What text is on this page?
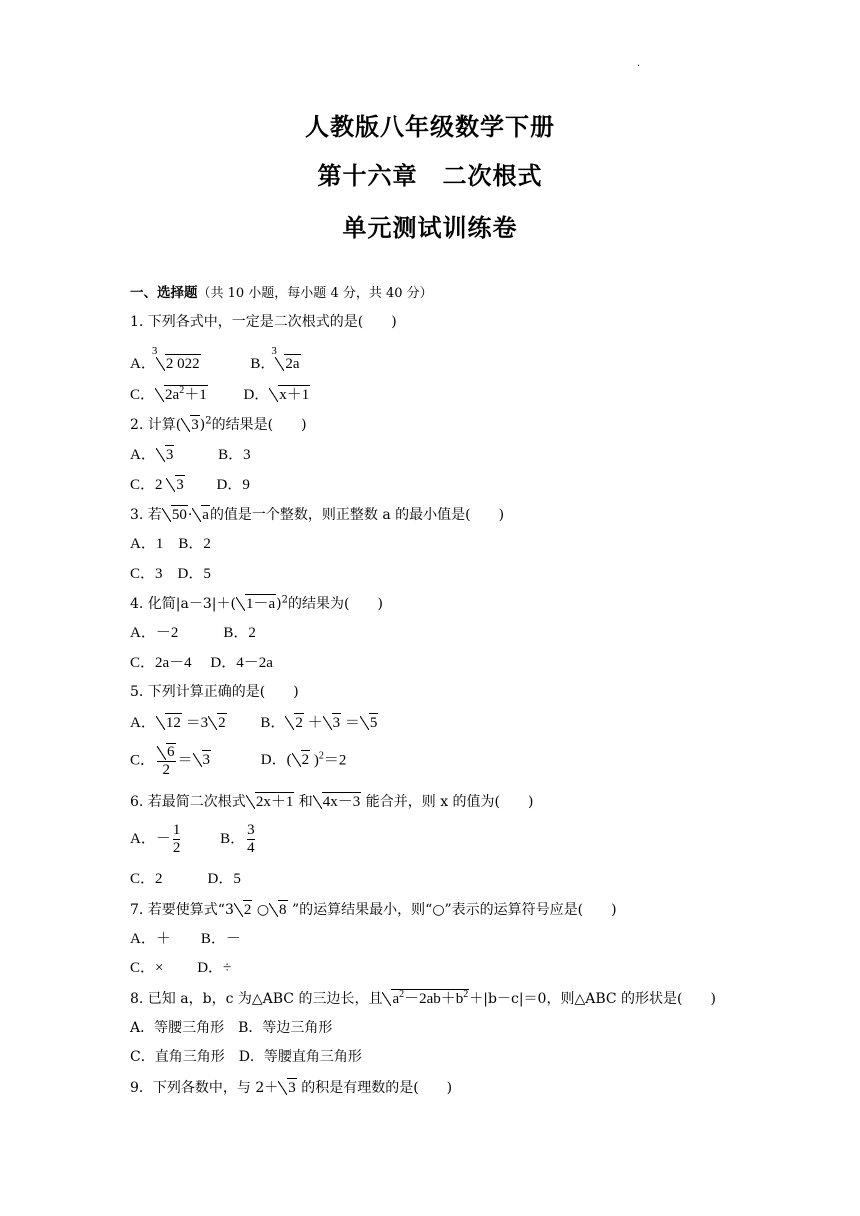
.
人教版八年级数学下册
第十六章　二次根式
单元测试训练卷
一、选择题（共 10 小题，每小题 4 分，共 40 分）
1. 下列各式中，一定是二次根式的是(　　)
A．
3
2 022	B．
3
2a
C． $2a^2+1$ D． x＋1
2. 计算( 3)$^2$的结果是(　　)
A． 3	B．3
C．2 3 D．9
3. 若 50· a的值是一个整数，则正整数 a 的最小值是(　　)
A．1　B．2
C．3　D．5
4. 化简|a－3|＋( 1－a)$^2$的结果为(　　)
A．－2　　　B．2
C．2a－4　 D．4－2a
5. 下列计算正确的是(　　)
A． 12 ＝3 2 B． 2 ＋ 3 ＝ 5
C． $\frac{6}{2} = 3$	D．( 2 )$^2$＝2
6. 若最简二次根式 2x＋1 和 4x－3 能合并，则 x 的值为(　　)
A．－ $\frac{1}{2}$	B． $\frac{3}{4}$
C．2　　　D．5
7. 若要使算式“3 2 ○ 8 ”的运算结果最小，则“○”表示的运算符号应是(　　)
A．＋　　B．－
C．×　　 D．÷
8. 已知 a，b，c 为△ABC 的三边长，且 $a^2-2ab+b^2+|b-c|=0$，则△ABC 的形状是(　　)
A．等腰三角形　B．等边三角形
C．直角三角形　D．等腰直角三角形
9．下列各数中，与 2＋ 3 的积是有理数的是(　　)
